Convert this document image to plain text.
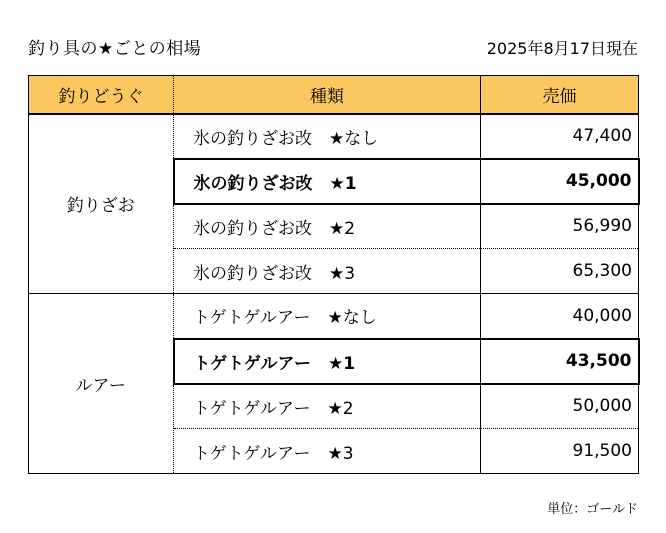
釣り具の★ごとの相場	2025年8月17日現在
釣りどうぐ	種類	売価
釣りざお	氷の釣りざお改　★なし	47,400
	氷の釣りざお改　★1	45,000
	氷の釣りざお改　★2	56,990
	氷の釣りざお改　★3	65,300
ルアー	トゲトゲルアー　★なし	40,000
	トゲトゲルアー　★1	43,500
	トゲトゲルアー　★2	50,000
	トゲトゲルアー　★3	91,500
単位：ゴールド
